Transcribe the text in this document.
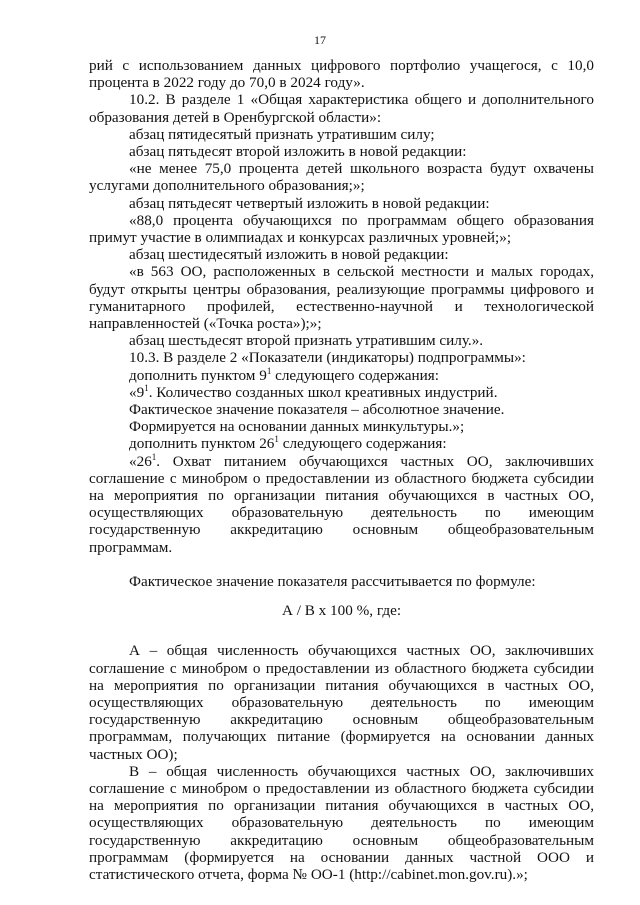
17

рий с использованием данных цифрового портфолио учащегося, с 10,0 процента в 2022 году до 70,0 в 2024 году».

10.2. В разделе 1 «Общая характеристика общего и дополнительного образования детей в Оренбургской области»:

абзац пятидесятый признать утратившим силу;

абзац пятьдесят второй изложить в новой редакции:

«не менее 75,0 процента детей школьного возраста будут охвачены услугами дополнительного образования;»;

абзац пятьдесят четвертый изложить в новой редакции:

«88,0 процента обучающихся по программам общего образования примут участие в олимпиадах и конкурсах различных уровней;»;

абзац шестидесятый изложить в новой редакции:

«в 563 ОО, расположенных в сельской местности и малых городах, будут открыты центры образования, реализующие программы цифрового и гуманитарного профилей, естественно-научной и технологической направленностей («Точка роста»);»;

абзац шестьдесят второй признать утратившим силу.».

10.3. В разделе 2 «Показатели (индикаторы) подпрограммы»:

дополнить пунктом $9^1$ следующего содержания:

«$9^1$. Количество созданных школ креативных индустрий.

Фактическое значение показателя – абсолютное значение.

Формируется на основании данных минкультуры.»;

дополнить пунктом $26^1$ следующего содержания:

«$26^1$. Охват питанием обучающихся частных ОО, заключивших соглашение с минобром о предоставлении из областного бюджета субсидии на мероприятия по организации питания обучающихся в частных ОО, осуществляющих образовательную деятельность по имеющим государственную аккредитацию основным общеобразовательным программам.

Фактическое значение показателя рассчитывается по формуле:

А / В х 100 %, где:

А – общая численность обучающихся частных ОО, заключивших соглашение с минобром о предоставлении из областного бюджета субсидии на мероприятия по организации питания обучающихся в частных ОО, осуществляющих образовательную деятельность по имеющим государственную аккредитацию основным общеобразовательным программам, получающих питание (формируется на основании данных частных ОО);

В – общая численность обучающихся частных ОО, заключивших соглашение с минобром о предоставлении из областного бюджета субсидии на мероприятия по организации питания обучающихся в частных ОО, осуществляющих образовательную деятельность по имеющим государственную аккредитацию основным общеобразовательным программам (формируется на основании данных частной ООО и статистического отчета, форма № ОО-1 (http://cabinet.mon.gov.ru).»;
